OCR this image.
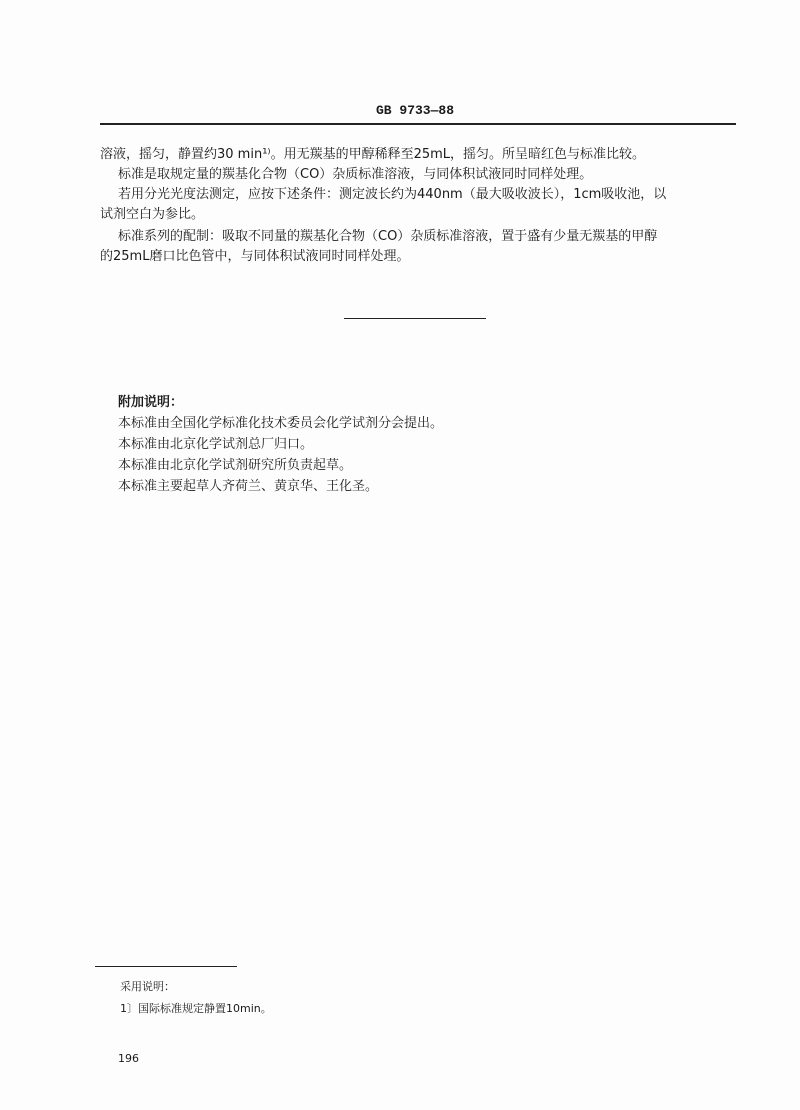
GB 9733—88
溶液，摇匀，静置约30 min¹⁾。用无羰基的甲醇稀释至25mL，摇匀。所呈暗红色与标准比较。
标准是取规定量的羰基化合物（CO）杂质标准溶液，与同体积试液同时同样处理。
若用分光光度法测定，应按下述条件：测定波长约为440nm（最大吸收波长），1cm吸收池，以
试剂空白为参比。
标准系列的配制：吸取不同量的羰基化合物（CO）杂质标准溶液，置于盛有少量无羰基的甲醇
的25mL磨口比色管中，与同体积试液同时同样处理。
附加说明：
本标准由全国化学标准化技术委员会化学试剂分会提出。
本标准由北京化学试剂总厂归口。
本标准由北京化学试剂研究所负责起草。
本标准主要起草人齐荷兰、黄京华、王化圣。
采用说明：
1〕国际标准规定静置10min。
196
